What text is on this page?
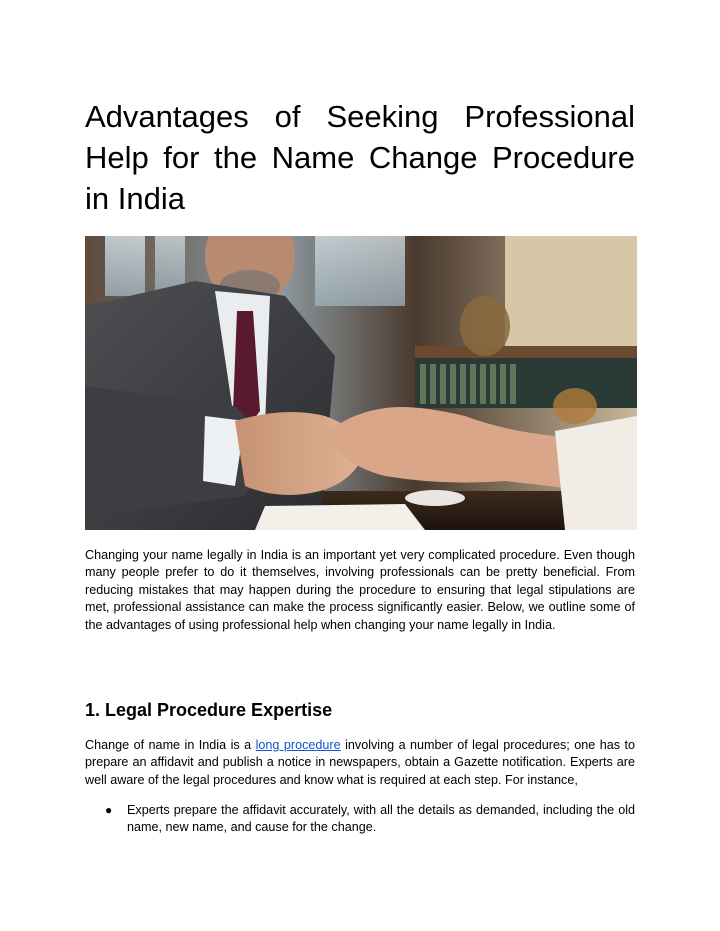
Advantages of Seeking Professional Help for the Name Change Procedure in India

Changing your name legally in India is an important yet very complicated procedure. Even though many people prefer to do it themselves, involving professionals can be pretty beneficial. From reducing mistakes that may happen during the procedure to ensuring that legal stipulations are met, professional assistance can make the process significantly easier. Below, we outline some of the advantages of using professional help when changing your name legally in India.

1. Legal Procedure Expertise

Change of name in India is a long procedure involving a number of legal procedures; one has to prepare an affidavit and publish a notice in newspapers, obtain a Gazette notification. Experts are well aware of the legal procedures and know what is required at each step. For instance,

● Experts prepare the affidavit accurately, with all the details as demanded, including the old name, new name, and cause for the change.
